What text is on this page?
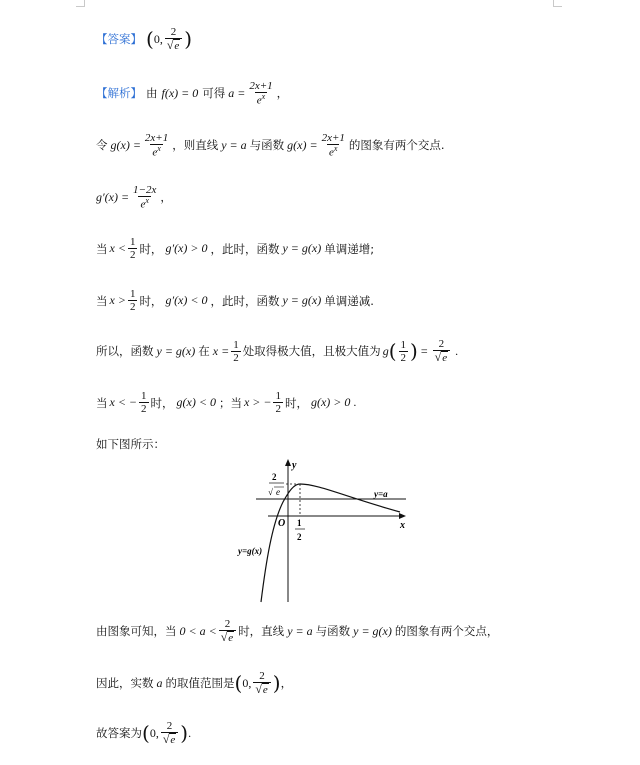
【答案】 ( 0, $\frac{2}{√ e}$ )
【解析】 由 f(x) = 0 可得 $a = \frac{2x+1}{e^x}$ ，
令 $g(x) = \frac{2x+1}{e^x}$ ，则直线 y = a 与函数 $g(x) = \frac{2x+1}{e^x}$ 的图象有两个交点.
$g'(x) = \frac{1-2x}{e^x}$ ，
当 $x < \frac{1}{2}$ 时， g′(x) > 0 ，此时，函数 y = g(x) 单调递增;
当 $x > \frac{1}{2}$ 时， g′(x) < 0 ，此时，函数 y = g(x) 单调递减.
所以，函数 y = g(x) 在 $x = \frac{1}{2}$ 处取得极大值，且极大值为 g ( $\frac{1}{2}$ ) = $\frac{2}{√ e}$ .
当 x < − $\frac{1}{2}$ 时， g(x) < 0 ；当 x > − $\frac{1}{2}$ 时， g(x) > 0 .
如下图所示：
y
x
O
2
√ e
1
2
y=a
y=g(x)
由图象可知，当 $0 < a < \frac{2}{√ e}$ 时，直线 y = a 与函数 y = g(x) 的图象有两个交点，
因此，实数 a 的取值范围是 ( 0, $\frac{2}{√ e}$ ) ，
故答案为 ( 0, $\frac{2}{√ e}$ ) .
